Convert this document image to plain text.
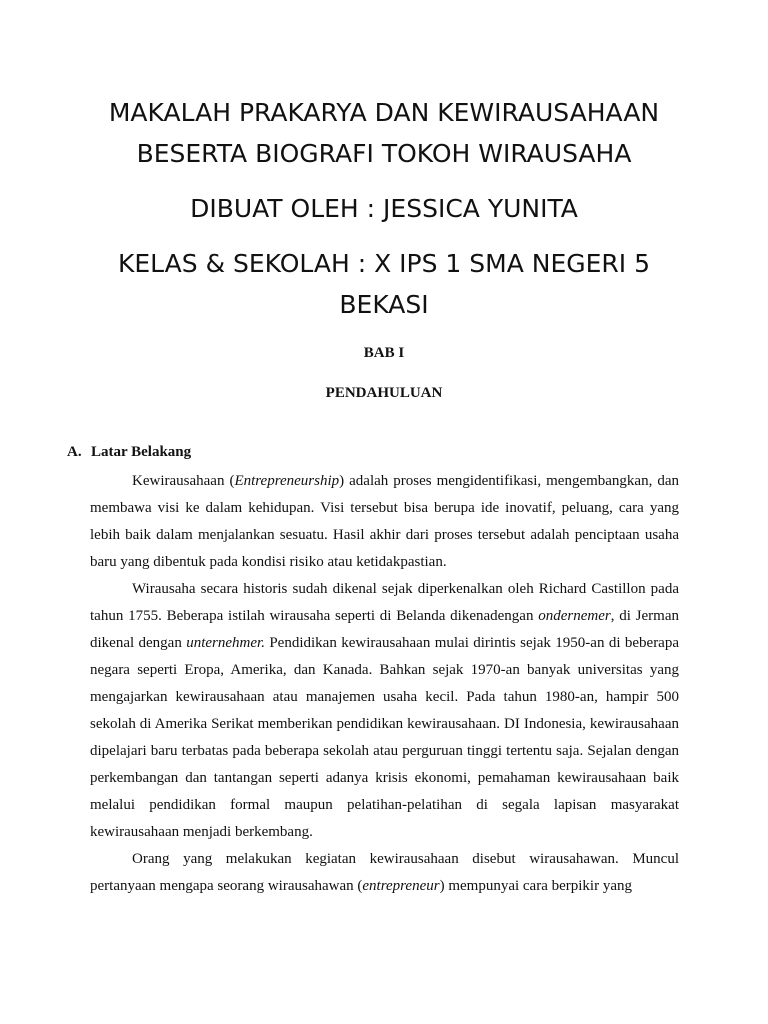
MAKALAH PRAKARYA DAN KEWIRAUSAHAAN
BESERTA BIOGRAFI TOKOH WIRAUSAHA
DIBUAT OLEH : JESSICA YUNITA
KELAS & SEKOLAH : X IPS 1 SMA NEGERI 5
BEKASI
BAB I
PENDAHULUAN
A. Latar Belakang

Kewirausahaan (Entrepreneurship) adalah proses mengidentifikasi, mengembangkan, dan membawa visi ke dalam kehidupan. Visi tersebut bisa berupa ide inovatif, peluang, cara yang lebih baik dalam menjalankan sesuatu. Hasil akhir dari proses tersebut adalah penciptaan usaha baru yang dibentuk pada kondisi risiko atau ketidakpastian.

Wirausaha secara historis sudah dikenal sejak diperkenalkan oleh Richard Castillon pada tahun 1755. Beberapa istilah wirausaha seperti di Belanda dikenadengan ondernemer, di Jerman dikenal dengan unternehmer. Pendidikan kewirausahaan mulai dirintis sejak 1950-an di beberapa negara seperti Eropa, Amerika, dan Kanada. Bahkan sejak 1970-an banyak universitas yang mengajarkan kewirausahaan atau manajemen usaha kecil. Pada tahun 1980-an, hampir 500 sekolah di Amerika Serikat memberikan pendidikan kewirausahaan. DI Indonesia, kewirausahaan dipelajari baru terbatas pada beberapa sekolah atau perguruan tinggi tertentu saja. Sejalan dengan perkembangan dan tantangan seperti adanya krisis ekonomi, pemahaman kewirausahaan baik melalui pendidikan formal maupun pelatihan-pelatihan di segala lapisan masyarakat kewirausahaan menjadi berkembang.

Orang yang melakukan kegiatan kewirausahaan disebut wirausahawan. Muncul pertanyaan mengapa seorang wirausahawan (entrepreneur) mempunyai cara berpikir yang
